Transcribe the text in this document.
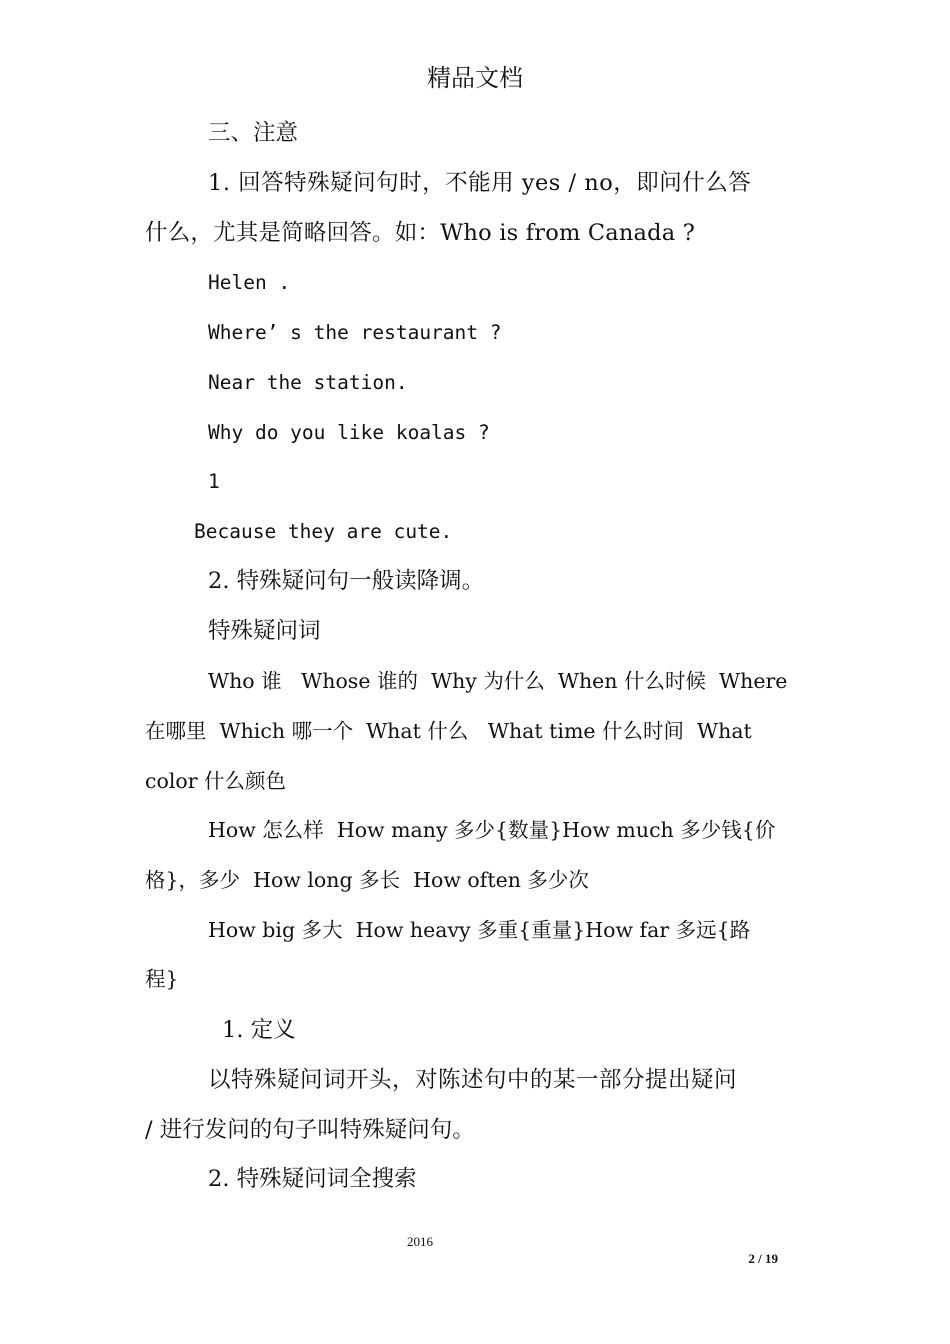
精品文档
三、注意
1. 回答特殊疑问句时，不能用 yes / no，即问什么答
什么，尤其是简略回答。如：Who is from Canada ?
Helen .
Where’ s the restaurant ?
Near the station.
Why do you like koalas ?
1
Because they are cute.
2. 特殊疑问句一般读降调。
特殊疑问词
Who 谁   Whose 谁的  Why 为什么  When 什么时候  Where
在哪里  Which 哪一个  What 什么   What time 什么时间  What
color 什么颜色
How 怎么样  How many 多少{数量}How much 多少钱{价
格}，多少  How long 多长  How often 多少次
How big 多大  How heavy 多重{重量}How far 多远{路
程}
1. 定义
以特殊疑问词开头，对陈述句中的某一部分提出疑问
/ 进行发问的句子叫特殊疑问句。
2. 特殊疑问词全搜索
2016
2 / 19
